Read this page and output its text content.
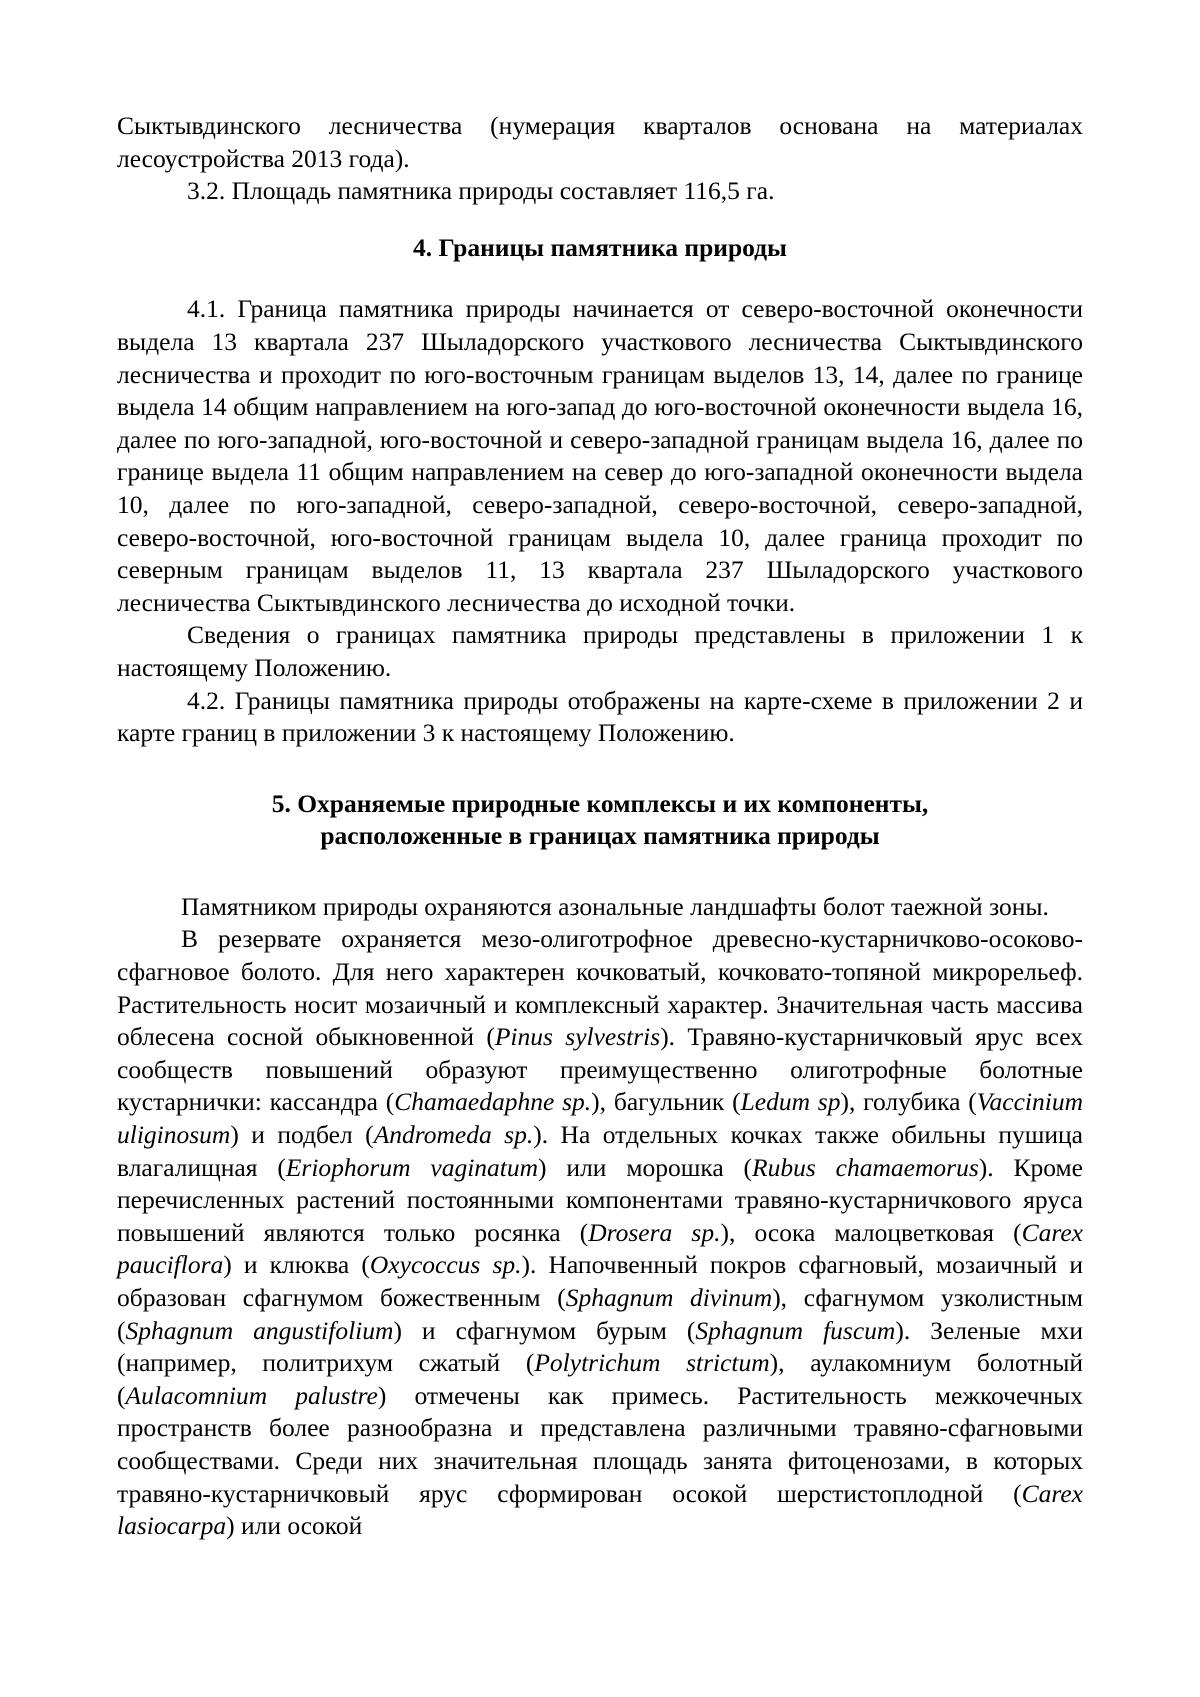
Сыктывдинского лесничества (нумерация кварталов основана на материалах лесоустройства 2013 года).

3.2. Площадь памятника природы составляет 116,5 га.

4. Границы памятника природы

4.1. Граница памятника природы начинается от северо-восточной оконечности выдела 13 квартала 237 Шыладорского участкового лесничества Сыктывдинского лесничества и проходит по юго-восточным границам выделов 13, 14, далее по границе выдела 14 общим направлением на юго-запад до юго-восточной оконечности выдела 16, далее по юго-западной, юго-восточной и северо-западной границам выдела 16, далее по границе выдела 11 общим направлением на север до юго-западной оконечности выдела 10, далее по юго-западной, северо-западной, северо-восточной, северо-западной, северо-восточной, юго-восточной границам выдела 10, далее граница проходит по северным границам выделов 11, 13 квартала 237 Шыладорского участкового лесничества Сыктывдинского лесничества до исходной точки.

Сведения о границах памятника природы представлены в приложении 1 к настоящему Положению.

4.2. Границы памятника природы отображены на карте-схеме в приложении 2 и карте границ в приложении 3 к настоящему Положению.

5. Охраняемые природные комплексы и их компоненты,
расположенные в границах памятника природы

Памятником природы охраняются азональные ландшафты болот таежной зоны.

В резервате охраняется мезо-олиготрофное древесно-кустарничково-осоково-сфагновое болото. Для него характерен кочковатый, кочковато-топяной микрорельеф. Растительность носит мозаичный и комплексный характер. Значительная часть массива облесена сосной обыкновенной (Pinus sylvestris). Травяно-кустарничковый ярус всех сообществ повышений образуют преимущественно олиготрофные болотные кустарнички: кассандра (Chamaedaphne sp.), багульник (Ledum sp), голубика (Vaccinium uliginosum) и подбел (Andromeda sp.). На отдельных кочках также обильны пушица влагалищная (Eriophorum vaginatum) или морошка (Rubus chamaemorus). Кроме перечисленных растений постоянными компонентами травяно-кустарничкового яруса повышений являются только росянка (Drosera sp.), осока малоцветковая (Carex pauciflora) и клюква (Oxycoccus sp.). Напочвенный покров сфагновый, мозаичный и образован сфагнумом божественным (Sphagnum divinum), сфагнумом узколистным (Sphagnum angustifolium) и сфагнумом бурым (Sphagnum fuscum). Зеленые мхи (например, политрихум сжатый (Polytrichum strictum), аулакомниум болотный (Aulacomnium palustre) отмечены как примесь. Растительность межкочечных пространств более разнообразна и представлена различными травяно-сфагновыми сообществами. Среди них значительная площадь занята фитоценозами, в которых травяно-кустарничковый ярус сформирован осокой шерстистоплодной (Carex lasiocarpa) или осокой
